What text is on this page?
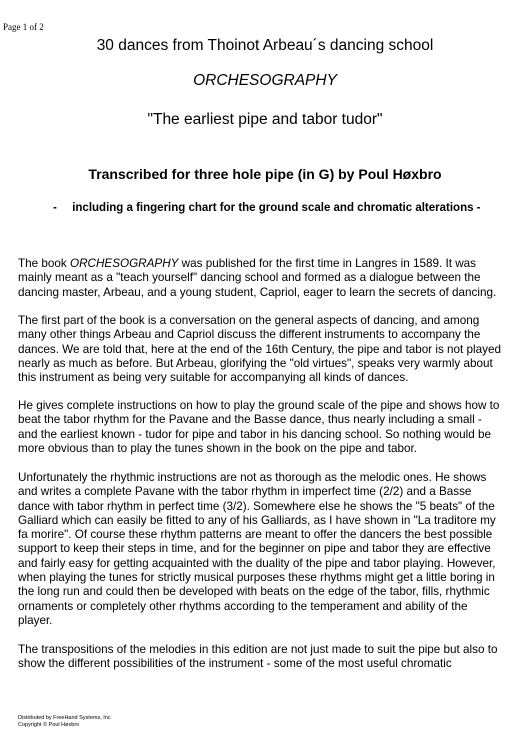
Page 1 of 2
30 dances from Thoinot Arbeau´s dancing school
ORCHESOGRAPHY
"The earliest pipe and tabor tudor"
Transcribed for three hole pipe (in G) by Poul Høxbro
- including a fingering chart for the ground scale and chromatic alterations -
The book ORCHESOGRAPHY was published for the first time in Langres in 1589. It was
mainly meant as a "teach yourself" dancing school and formed as a dialogue between the
dancing master, Arbeau, and a young student, Capriol, eager to learn the secrets of dancing.
The first part of the book is a conversation on the general aspects of dancing, and among
many other things Arbeau and Capriol discuss the different instruments to accompany the
dances. We are told that, here at the end of the 16th Century, the pipe and tabor is not played
nearly as much as before. But Arbeau, glorifying the "old virtues", speaks very warmly about
this instrument as being very suitable for accompanying all kinds of dances.
He gives complete instructions on how to play the ground scale of the pipe and shows how to
beat the tabor rhythm for the Pavane and the Basse dance, thus nearly including a small -
and the earliest known - tudor for pipe and tabor in his dancing school. So nothing would be
more obvious than to play the tunes shown in the book on the pipe and tabor.
Unfortunately the rhythmic instructions are not as thorough as the melodic ones. He shows
and writes a complete Pavane with the tabor rhythm in imperfect time (2/2) and a Basse
dance with tabor rhythm in perfect time (3/2). Somewhere else he shows the "5 beats" of the
Galliard which can easily be fitted to any of his Galliards, as I have shown in "La traditore my
fa morire". Of course these rhythm patterns are meant to offer the dancers the best possible
support to keep their steps in time, and for the beginner on pipe and tabor they are effective
and fairly easy for getting acquainted with the duality of the pipe and tabor playing. However,
when playing the tunes for strictly musical purposes these rhythms might get a little boring in
the long run and could then be developed with beats on the edge of the tabor, fills, rhythmic
ornaments or completely other rhythms according to the temperament and ability of the
player.
The transpositions of the melodies in this edition are not just made to suit the pipe but also to
show the different possibilities of the instrument - some of the most useful chromatic
Distributed by FreeHand Systems, Inc
Copyright © Poul Høxbro
